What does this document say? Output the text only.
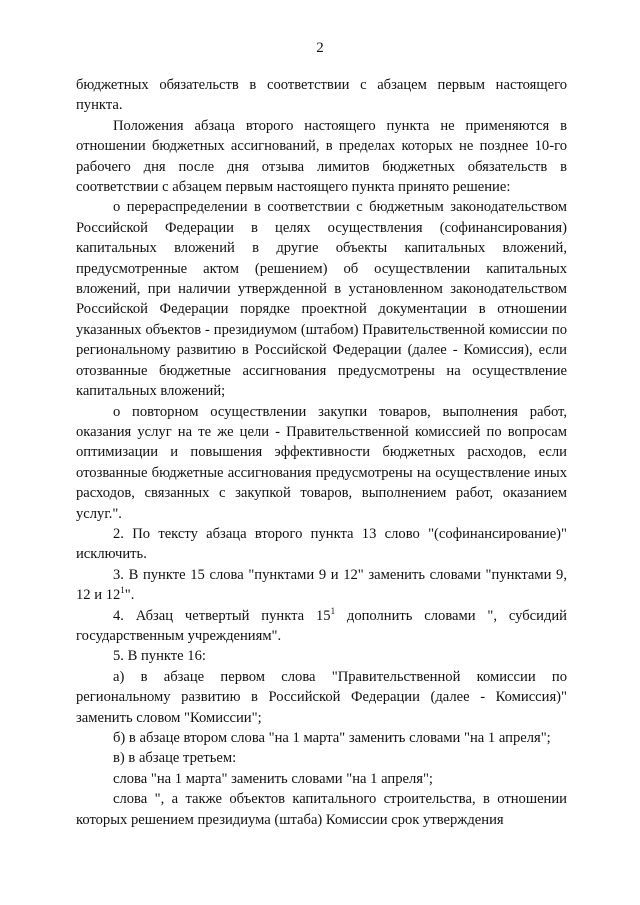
2

бюджетных обязательств в соответствии с абзацем первым настоящего пункта.

Положения абзаца второго настоящего пункта не применяются в отношении бюджетных ассигнований, в пределах которых не позднее 10-го рабочего дня после дня отзыва лимитов бюджетных обязательств в соответствии с абзацем первым настоящего пункта принято решение:

о перераспределении в соответствии с бюджетным законодательством Российской Федерации в целях осуществления (софинансирования) капитальных вложений в другие объекты капитальных вложений, предусмотренные актом (решением) об осуществлении капитальных вложений, при наличии утвержденной в установленном законодательством Российской Федерации порядке проектной документации в отношении указанных объектов - президиумом (штабом) Правительственной комиссии по региональному развитию в Российской Федерации (далее - Комиссия), если отозванные бюджетные ассигнования предусмотрены на осуществление капитальных вложений;

о повторном осуществлении закупки товаров, выполнения работ, оказания услуг на те же цели - Правительственной комиссией по вопросам оптимизации и повышения эффективности бюджетных расходов, если отозванные бюджетные ассигнования предусмотрены на осуществление иных расходов, связанных с закупкой товаров, выполнением работ, оказанием услуг.".

2. По тексту абзаца второго пункта 13 слово "(софинансирование)" исключить.

3. В пункте 15 слова "пунктами 9 и 12" заменить словами "пунктами 9, 12 и $12^1$".

4. Абзац четвертый пункта $15^1$ дополнить словами ", субсидий государственным учреждениям".

5. В пункте 16:

а) в абзаце первом слова "Правительственной комиссии по региональному развитию в Российской Федерации (далее - Комиссия)" заменить словом "Комиссии";

б) в абзаце втором слова "на 1 марта" заменить словами "на 1 апреля";

в) в абзаце третьем:

слова "на 1 марта" заменить словами "на 1 апреля";

слова ", а также объектов капитального строительства, в отношении которых решением президиума (штаба) Комиссии срок утверждения
